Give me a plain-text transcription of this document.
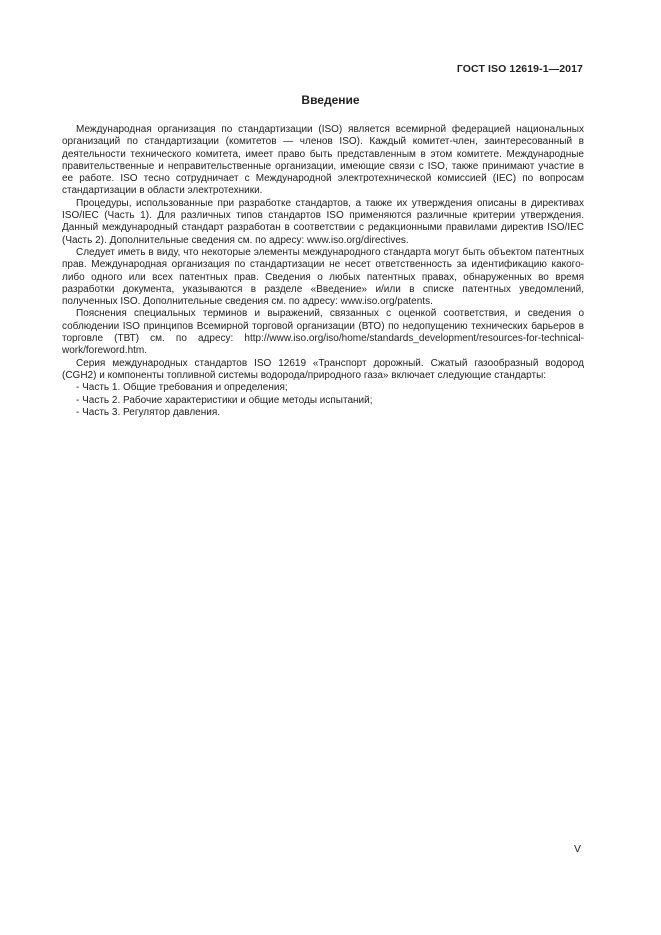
ГОСТ ISO 12619-1—2017
Введение

Международная организация по стандартизации (ISO) является всемирной федерацией национальных организаций по стандартизации (комитетов — членов ISO). Каждый комитет-член, заинтересованный в деятельности технического комитета, имеет право быть представленным в этом комитете. Международные правительственные и неправительственные организации, имеющие связи с ISO, также принимают участие в ее работе. ISO тесно сотрудничает с Международной электротехнической комиссией (IEC) по вопросам стандартизации в области электротехники.

Процедуры, использованные при разработке стандартов, а также их утверждения описаны в директивах ISO/IEC (Часть 1). Для различных типов стандартов ISO применяются различные критерии утверждения. Данный международный стандарт разработан в соответствии с редакционными правилами директив ISO/IEC (Часть 2). Дополнительные сведения см. по адресу: www.iso.org/directives.

Следует иметь в виду, что некоторые элементы международного стандарта могут быть объектом патентных прав. Международная организация по стандартизации не несет ответственность за идентификацию какого-либо одного или всех патентных прав. Сведения о любых патентных правах, обнаруженных во время разработки документа, указываются в разделе «Введение» и/или в списке патентных уведомлений, полученных ISO. Дополнительные сведения см. по адресу: www.iso.org/patents.

Пояснения специальных терминов и выражений, связанных с оценкой соответствия, и сведения о соблюдении ISO принципов Всемирной торговой организации (ВТО) по недопущению технических барьеров в торговле (ТВТ) см. по адресу: http://www.iso.org/iso/home/standards_development/resources-for-technical-work/foreword.htm.

Серия международных стандартов ISO 12619 «Транспорт дорожный. Сжатый газообразный водород (CGH2) и компоненты топливной системы водорода/природного газа» включает следующие стандарты:

- Часть 1. Общие требования и определения;
- Часть 2. Рабочие характеристики и общие методы испытаний;
- Часть 3. Регулятор давления.
V
